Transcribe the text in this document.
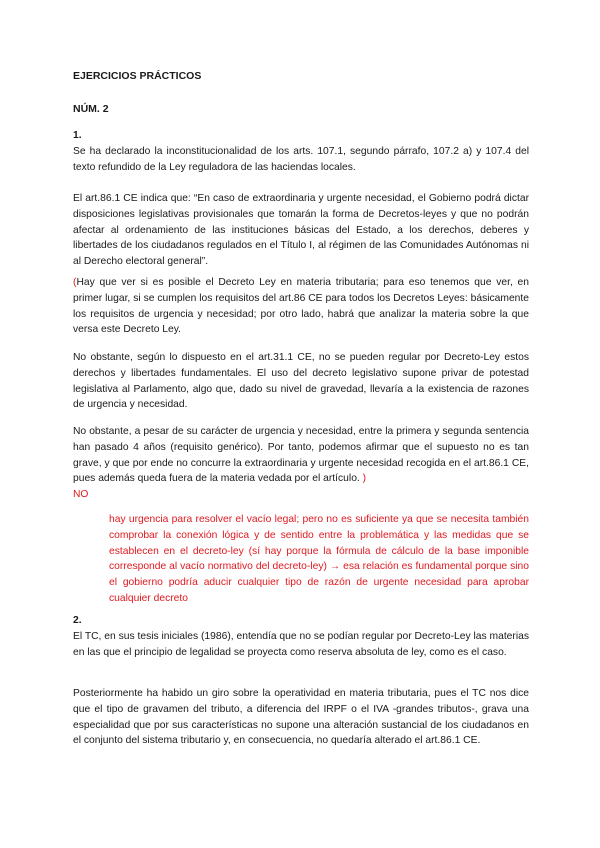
EJERCICIOS PRÁCTICOS
NÚM. 2

1.
Se ha declarado la inconstitucionalidad de los arts. 107.1, segundo párrafo, 107.2 a) y 107.4 del texto refundido de la Ley reguladora de las haciendas locales.

El art.86.1 CE indica que: “En caso de extraordinaria y urgente necesidad, el Gobierno podrá dictar disposiciones legislativas provisionales que tomarán la forma de Decretos-leyes y que no podrán afectar al ordenamiento de las instituciones básicas del Estado, a los derechos, deberes y libertades de los ciudadanos regulados en el Título I, al régimen de las Comunidades Autónomas ni al Derecho electoral general”.

(Hay que ver si es posible el Decreto Ley en materia tributaria; para eso tenemos que ver, en primer lugar, si se cumplen los requisitos del art.86 CE para todos los Decretos Leyes: básicamente los requisitos de urgencia y necesidad; por otro lado, habrá que analizar la materia sobre la que versa este Decreto Ley.

No obstante, según lo dispuesto en el art.31.1 CE, no se pueden regular por Decreto-Ley estos derechos y libertades fundamentales. El uso del decreto legislativo supone privar de potestad legislativa al Parlamento, algo que, dado su nivel de gravedad, llevaría a la existencia de razones de urgencia y necesidad.

No obstante, a pesar de su carácter de urgencia y necesidad, entre la primera y segunda sentencia han pasado 4 años (requisito genérico). Por tanto, podemos afirmar que el supuesto no es tan grave, y que por ende no concurre la extraordinaria y urgente necesidad recogida en el art.86.1 CE, pues además queda fuera de la materia vedada por el artículo. )
NO

hay urgencia para resolver el vacío legal; pero no es suficiente ya que se necesita también comprobar la conexión lógica y de sentido entre la problemática y las medidas que se establecen en el decreto-ley (sí hay porque la fórmula de cálculo de la base imponible corresponde al vacío normativo del decreto-ley) → esa relación es fundamental porque sino el gobierno podría aducir cualquier tipo de razón de urgente necesidad para aprobar cualquier decreto

2.
El TC, en sus tesis iniciales (1986), entendía que no se podían regular por Decreto-Ley las materias en las que el principio de legalidad se proyecta como reserva absoluta de ley, como es el caso.

Posteriormente ha habido un giro sobre la operatividad en materia tributaria, pues el TC nos dice que el tipo de gravamen del tributo, a diferencia del IRPF o el IVA -grandes tributos-, grava una especialidad que por sus características no supone una alteración sustancial de los ciudadanos en el conjunto del sistema tributario y, en consecuencia, no quedaría alterado el art.86.1 CE.
